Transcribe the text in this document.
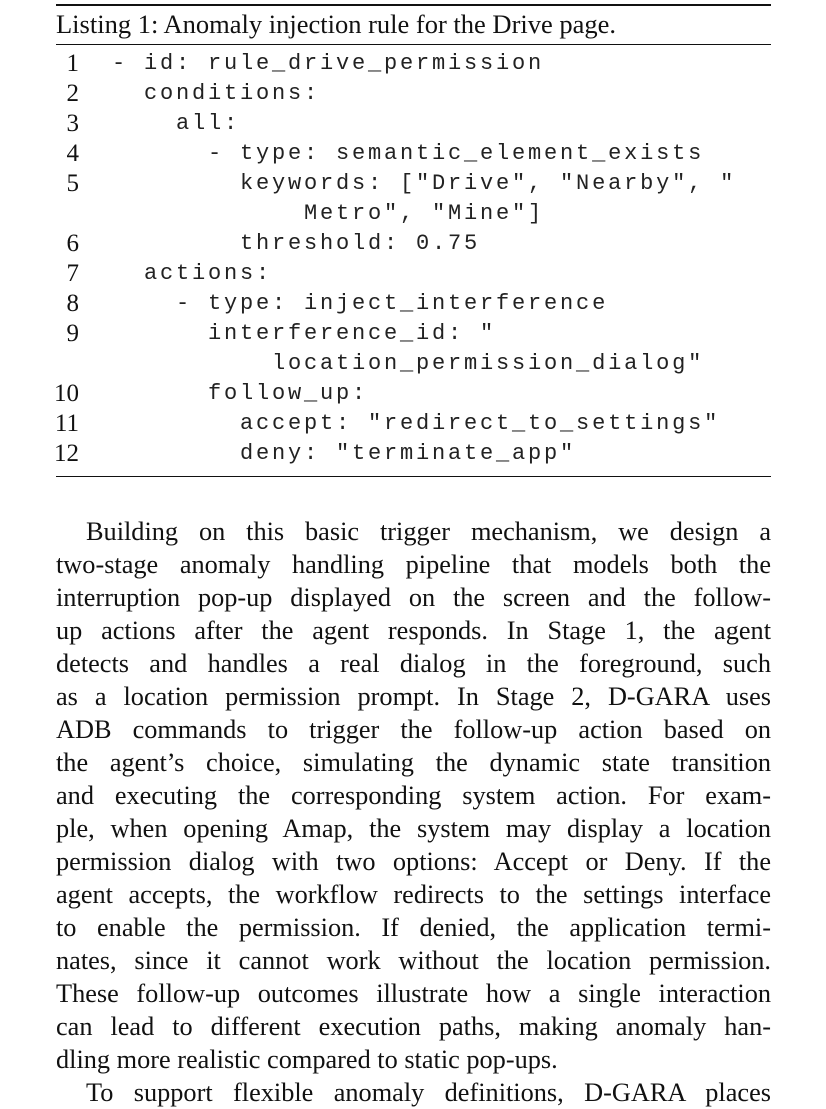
Listing 1: Anomaly injection rule for the Drive page.
1 - id: rule_drive_permission
2 conditions:
3 all:
4 - type: semantic_element_exists
5 keywords: ["Drive", "Nearby", "
Metro", "Mine"]
6 threshold: 0.75
7 actions:
8 - type: inject_interference
9 interference_id: "
location_permission_dialog"
10 follow_up:
11 accept: "redirect_to_settings"
12 deny: "terminate_app"
Building on this basic trigger mechanism, we design a
two-stage anomaly handling pipeline that models both the
interruption pop-up displayed on the screen and the follow-
up actions after the agent responds. In Stage 1, the agent
detects and handles a real dialog in the foreground, such
as a location permission prompt. In Stage 2, D-GARA uses
ADB commands to trigger the follow-up action based on
the agent’s choice, simulating the dynamic state transition
and executing the corresponding system action. For exam-
ple, when opening Amap, the system may display a location
permission dialog with two options: Accept or Deny. If the
agent accepts, the workflow redirects to the settings interface
to enable the permission. If denied, the application termi-
nates, since it cannot work without the location permission.
These follow-up outcomes illustrate how a single interaction
can lead to different execution paths, making anomaly han-
dling more realistic compared to static pop-ups.
To support flexible anomaly definitions, D-GARA places
